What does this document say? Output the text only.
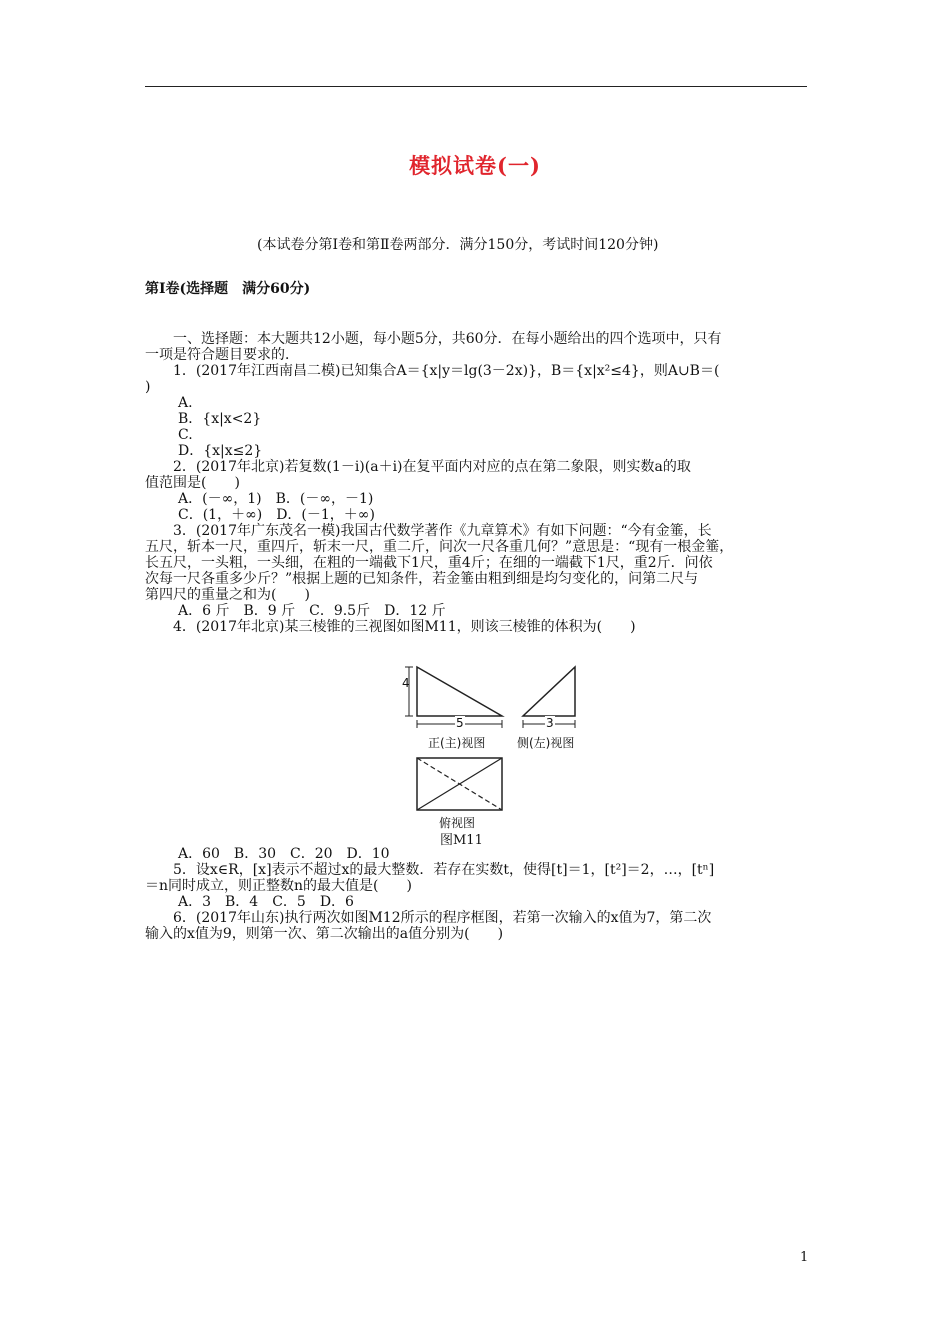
模拟试卷(一)
(本试卷分第Ⅰ卷和第Ⅱ卷两部分．满分150分，考试时间120分钟)
第Ⅰ卷(选择题　满分60分)
一、选择题：本大题共12小题，每小题5分，共60分．在每小题给出的四个选项中，只有
一项是符合题目要求的．
1．(2017年江西南昌二模)已知集合A＝{x|y＝lg(3－2x)}，B＝{x|x²≤4}，则A∪B＝(
)
A.
B．{x|x<2}
C.
D．{x|x≤2}
2．(2017年北京)若复数(1－i)(a＋i)在复平面内对应的点在第二象限，则实数a的取
值范围是(　　)
A．(－∞，1)　B．(－∞，－1)
C．(1，＋∞)　D．(－1，＋∞)
3．(2017年广东茂名一模)我国古代数学著作《九章算术》有如下问题：“今有金箠，长
五尺，斩本一尺，重四斤，斩末一尺，重二斤，问次一尺各重几何？”意思是：“现有一根金箠，
长五尺，一头粗，一头细，在粗的一端截下1尺，重4斤；在细的一端截下1尺，重2斤．问依
次每一尺各重多少斤？”根据上题的已知条件，若金箠由粗到细是均匀变化的，问第二尺与
第四尺的重量之和为(　　)
A．6 斤　B．9 斤　C．9.5斤　D．12 斤
4．(2017年北京)某三棱锥的三视图如图M11，则该三棱锥的体积为(　　)
4
5	3
正(主)视图	侧(左)视图
俯视图
图M11
A．60　B．30　C．20　D．10
5．设x∈R，[x]表示不超过x的最大整数．若存在实数t，使得[t]＝1，[t²]＝2，…，[tⁿ]
＝n同时成立，则正整数n的最大值是(　　)
A．3　B．4　C．5　D．6
6．(2017年山东)执行两次如图M12所示的程序框图，若第一次输入的x值为7，第二次
输入的x值为9，则第一次、第二次输出的a值分别为(　　)
1
